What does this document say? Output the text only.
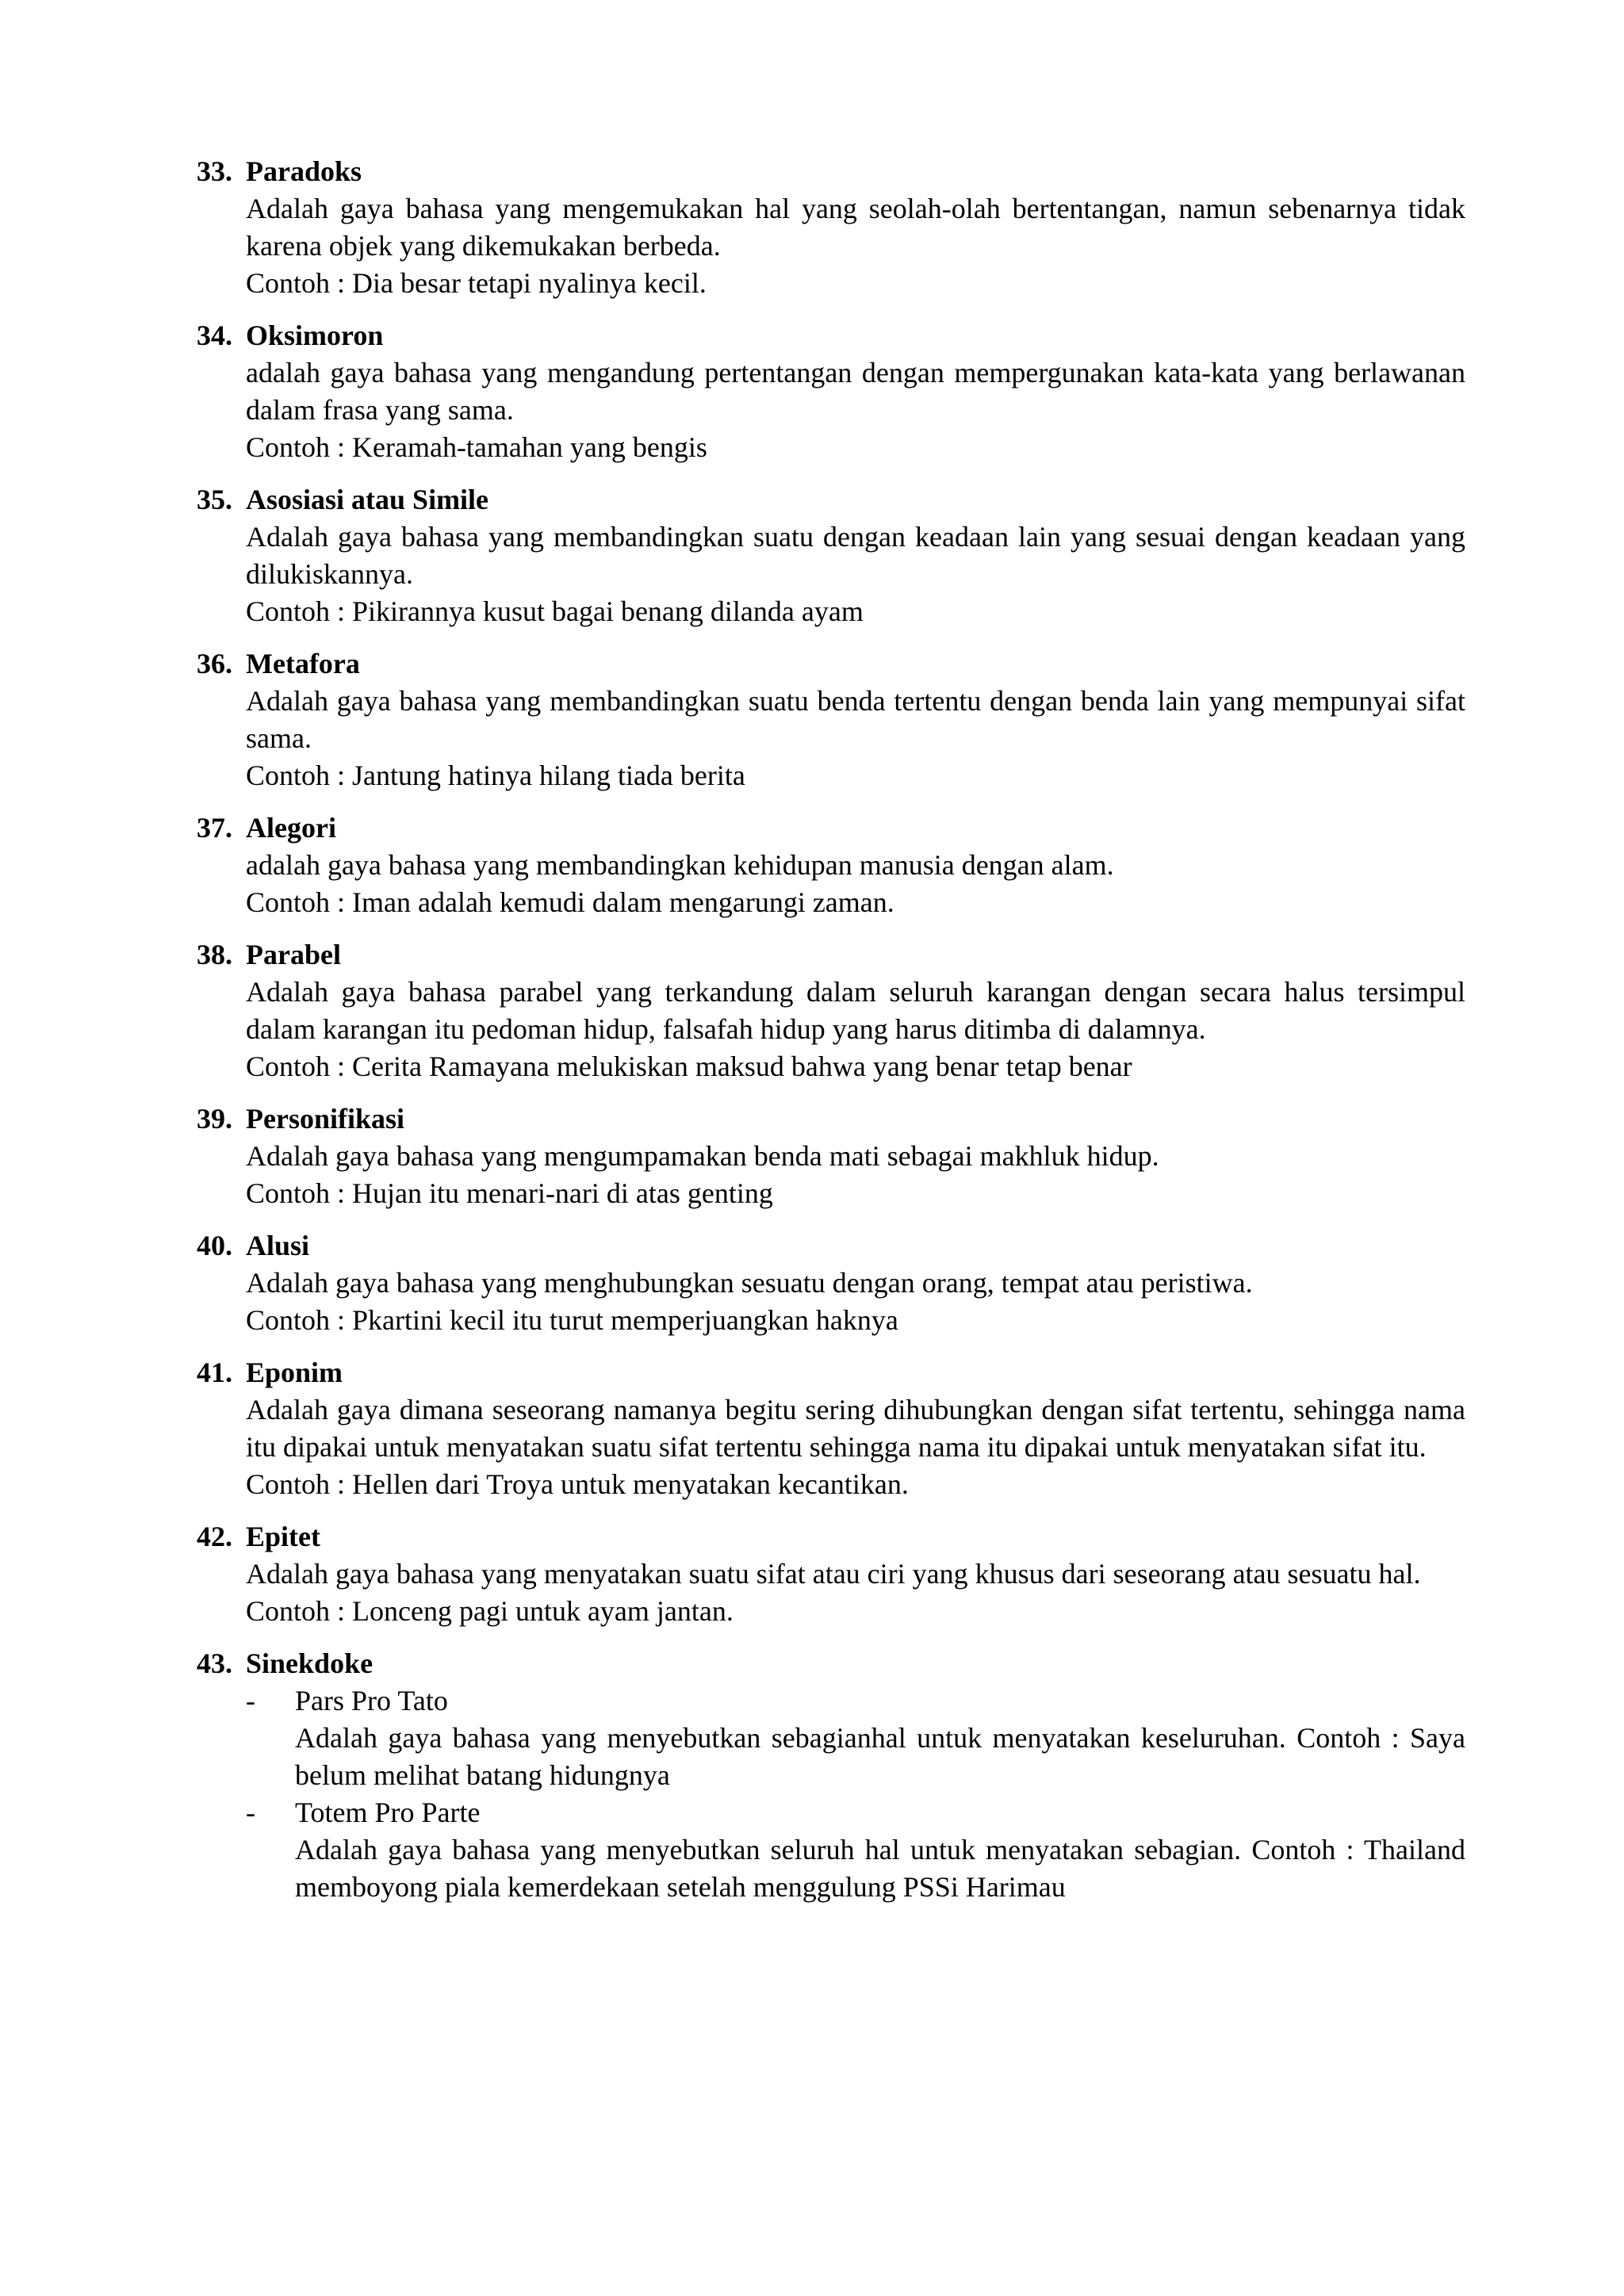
33. Paradoks

Adalah gaya bahasa yang mengemukakan hal yang seolah-olah bertentangan, namun sebenarnya tidak karena objek yang dikemukakan berbeda.

Contoh : Dia besar tetapi nyalinya kecil.

34. Oksimoron

adalah gaya bahasa yang mengandung pertentangan dengan mempergunakan kata-kata yang berlawanan dalam frasa yang sama.

Contoh : Keramah-tamahan yang bengis

35. Asosiasi atau Simile

Adalah gaya bahasa yang membandingkan suatu dengan keadaan lain yang sesuai dengan keadaan yang dilukiskannya.

Contoh : Pikirannya kusut bagai benang dilanda ayam

36. Metafora

Adalah gaya bahasa yang membandingkan suatu benda tertentu dengan benda lain yang mempunyai sifat sama.

Contoh : Jantung hatinya hilang tiada berita

37. Alegori

adalah gaya bahasa yang membandingkan kehidupan manusia dengan alam.

Contoh : Iman adalah kemudi dalam mengarungi zaman.

38. Parabel

Adalah gaya bahasa parabel yang terkandung dalam seluruh karangan dengan secara halus tersimpul dalam karangan itu pedoman hidup, falsafah hidup yang harus ditimba di dalamnya.

Contoh : Cerita Ramayana melukiskan maksud bahwa yang benar tetap benar

39. Personifikasi

Adalah gaya bahasa yang mengumpamakan benda mati sebagai makhluk hidup.

Contoh : Hujan itu menari-nari di atas genting

40. Alusi

Adalah gaya bahasa yang menghubungkan sesuatu dengan orang, tempat atau peristiwa.

Contoh : Pkartini kecil itu turut memperjuangkan haknya

41. Eponim

Adalah gaya dimana seseorang namanya begitu sering dihubungkan dengan sifat tertentu, sehingga nama itu dipakai untuk menyatakan suatu sifat tertentu sehingga nama itu dipakai untuk menyatakan sifat itu.

Contoh : Hellen dari Troya untuk menyatakan kecantikan.

42. Epitet

Adalah gaya bahasa yang menyatakan suatu sifat atau ciri yang khusus dari seseorang atau sesuatu hal.

Contoh : Lonceng pagi untuk ayam jantan.

43. Sinekdoke
- Pars Pro Tato

Adalah gaya bahasa yang menyebutkan sebagianhal untuk menyatakan keseluruhan. Contoh : Saya belum melihat batang hidungnya

- Totem Pro Parte

Adalah gaya bahasa yang menyebutkan seluruh hal untuk menyatakan sebagian. Contoh : Thailand memboyong piala kemerdekaan setelah menggulung PSSi Harimau
